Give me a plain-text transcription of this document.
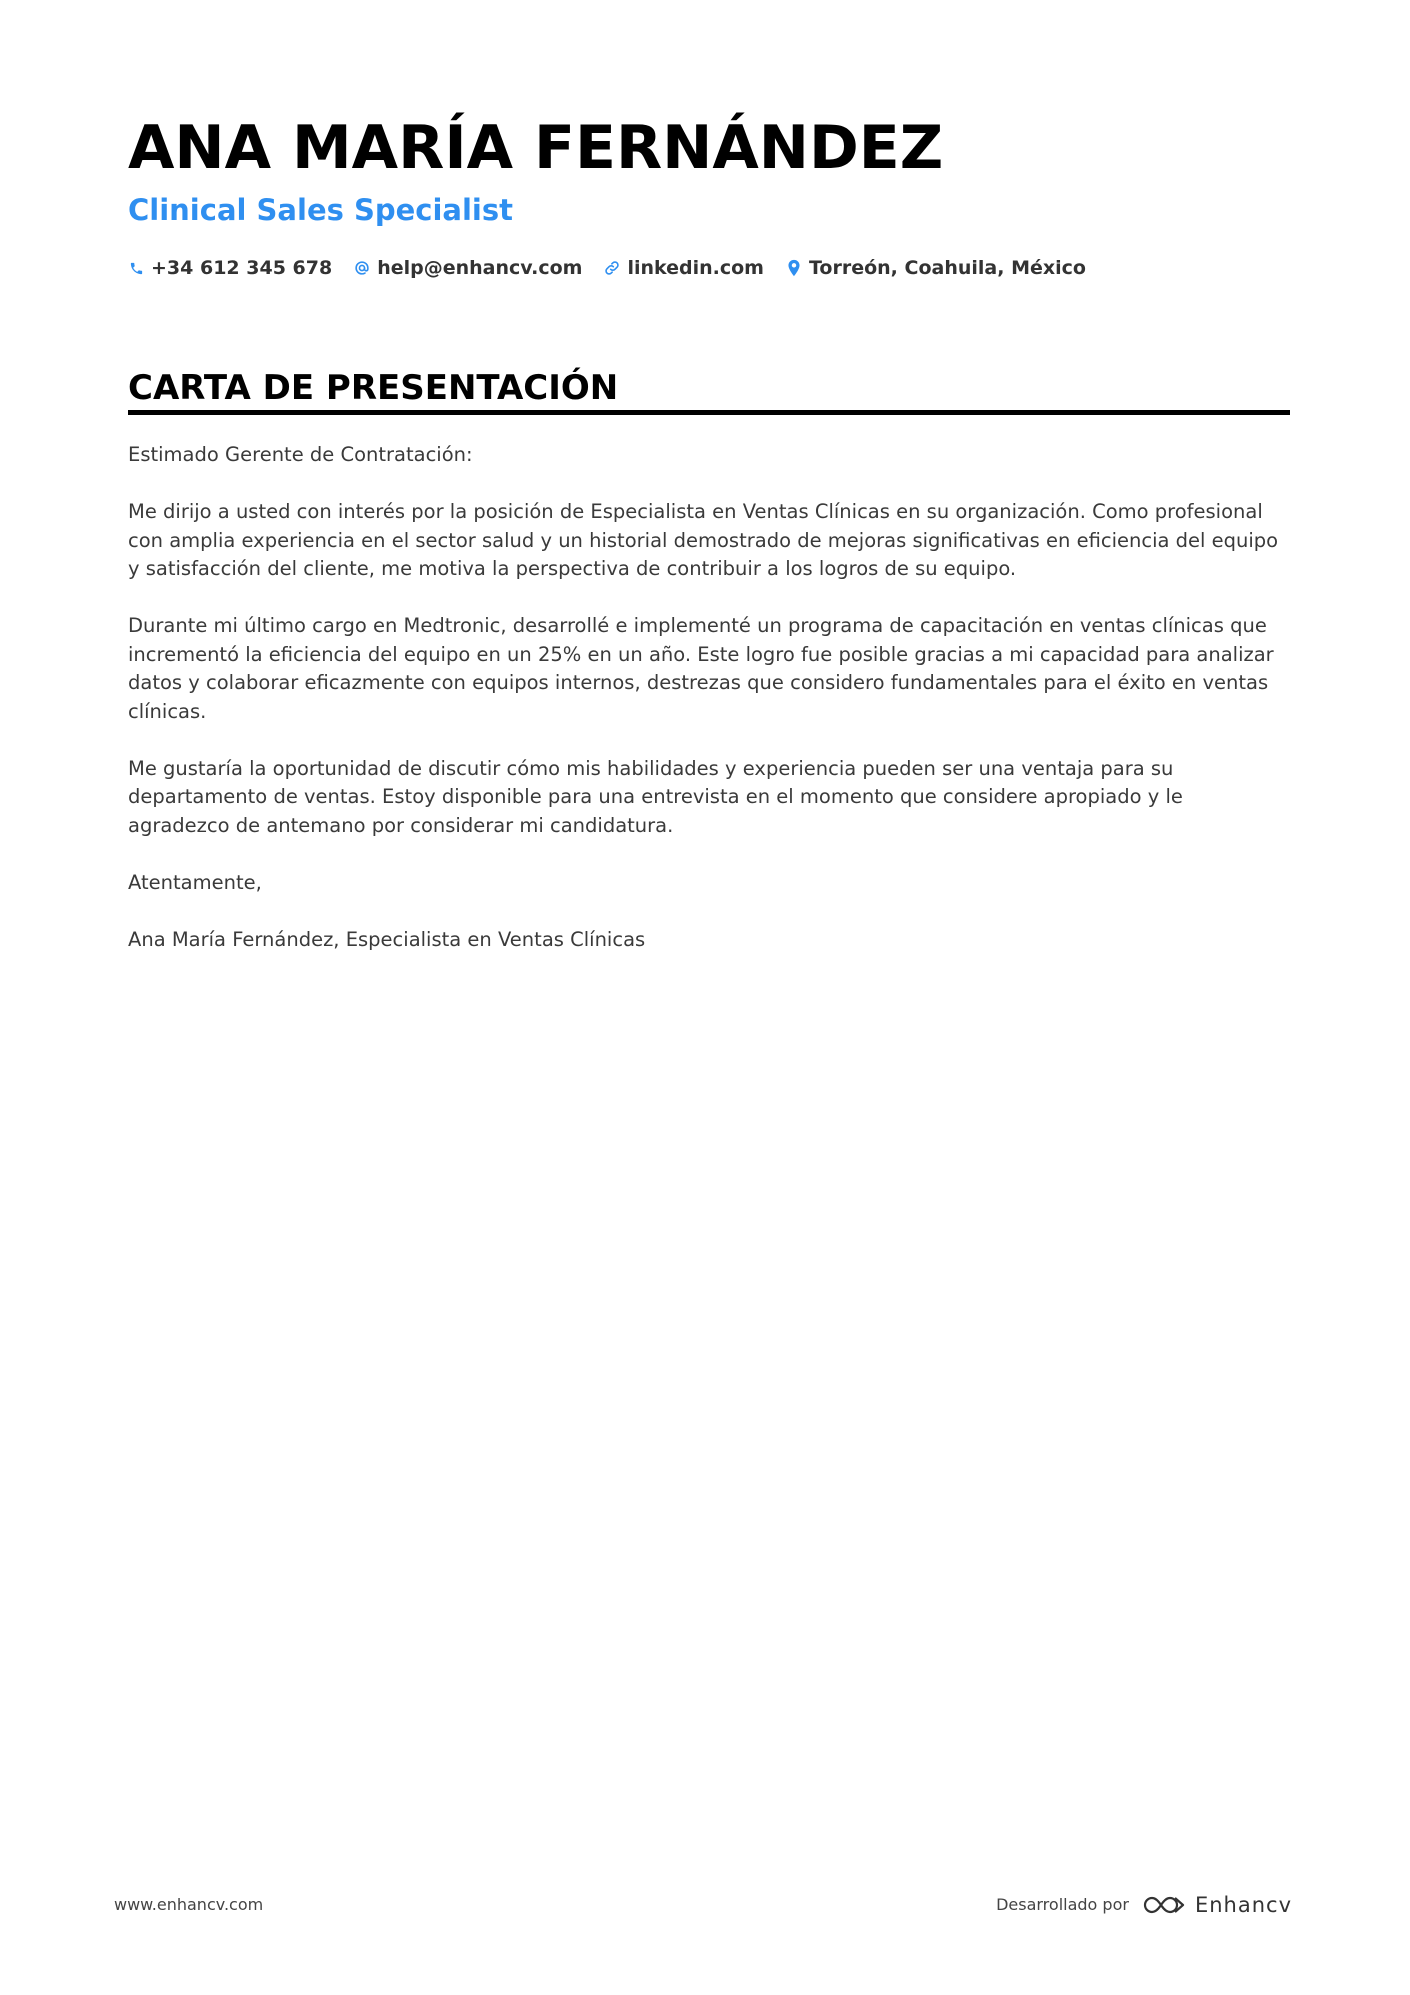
ANA MARÍA FERNÁNDEZ
Clinical Sales Specialist
+34 612 345 678 help@enhancv.com linkedin.com Torreón, Coahuila, México
CARTA DE PRESENTACIÓN

Estimado Gerente de Contratación:

Me dirijo a usted con interés por la posición de Especialista en Ventas Clínicas en su organización. Como profesional con amplia experiencia en el sector salud y un historial demostrado de mejoras significativas en eficiencia del equipo y satisfacción del cliente, me motiva la perspectiva de contribuir a los logros de su equipo.

Durante mi último cargo en Medtronic, desarrollé e implementé un programa de capacitación en ventas clínicas que incrementó la eficiencia del equipo en un 25% en un año. Este logro fue posible gracias a mi capacidad para analizar datos y colaborar eficazmente con equipos internos, destrezas que considero fundamentales para el éxito en ventas clínicas.

Me gustaría la oportunidad de discutir cómo mis habilidades y experiencia pueden ser una ventaja para su departamento de ventas. Estoy disponible para una entrevista en el momento que considere apropiado y le agradezco de antemano por considerar mi candidatura.

Atentamente,

Ana María Fernández, Especialista en Ventas Clínicas

www.enhancv.com	Desarrollado por	Enhancv
